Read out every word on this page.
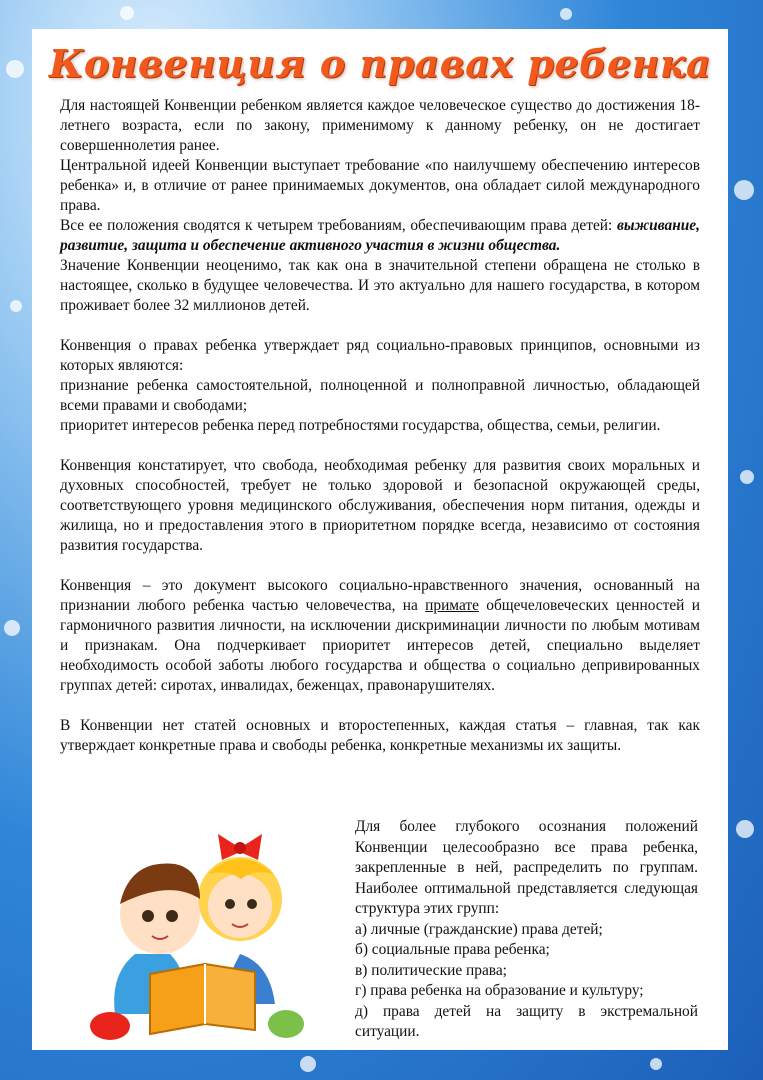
Конвенция о правах ребенка

Для настоящей Конвенции ребенком является каждое человеческое существо до достижения 18-летнего возраста, если по закону, применимому к данному ребенку, он не достигает совершеннолетия ранее.

Центральной идеей Конвенции выступает требование «по наилучшему обеспечению интересов ребенка» и, в отличие от ранее принимаемых документов, она обладает силой международного права.

Все ее положения сводятся к четырем требованиям, обеспечивающим права детей: выживание, развитие, защита и обеспечение активного участия в жизни общества.

Значение Конвенции неоценимо, так как она в значительной степени обращена не столько в настоящее, сколько в будущее человечества. И это актуально для нашего государства, в котором проживает более 32 миллионов детей.

Конвенция о правах ребенка утверждает ряд социально-правовых принципов, основными из которых являются:

признание ребенка самостоятельной, полноценной и полноправной личностью, обладающей всеми правами и свободами;

приоритет интересов ребенка перед потребностями государства, общества, семьи, религии.

Конвенция констатирует, что свобода, необходимая ребенку для развития своих моральных и духовных способностей, требует не только здоровой и безопасной окружающей среды, соответствующего уровня медицинского обслуживания, обеспечения норм питания, одежды и жилища, но и предоставления этого в приоритетном порядке всегда, независимо от состояния развития государства.

Конвенция – это документ высокого социально-нравственного значения, основанный на признании любого ребенка частью человечества, на примате общечеловеческих ценностей и гармоничного развития личности, на исключении дискриминации личности по любым мотивам и признакам. Она подчеркивает приоритет интересов детей, специально выделяет необходимость особой заботы любого государства и общества о социально депривированных группах детей: сиротах, инвалидах, беженцах, правонарушителях.

В Конвенции нет статей основных и второстепенных, каждая статья – главная, так как утверждает конкретные права и свободы ребенка, конкретные механизмы их защиты.

Для более глубокого осознания положений Конвенции целесообразно все права ребенка, закрепленные в ней, распределить по группам. Наиболее оптимальной представляется следующая структура этих групп:

а) личные (гражданские) права детей;

б) социальные права ребенка;

в) политические права;

г) права ребенка на образование и культуру;

д) права детей на защиту в экстремальной ситуации.
